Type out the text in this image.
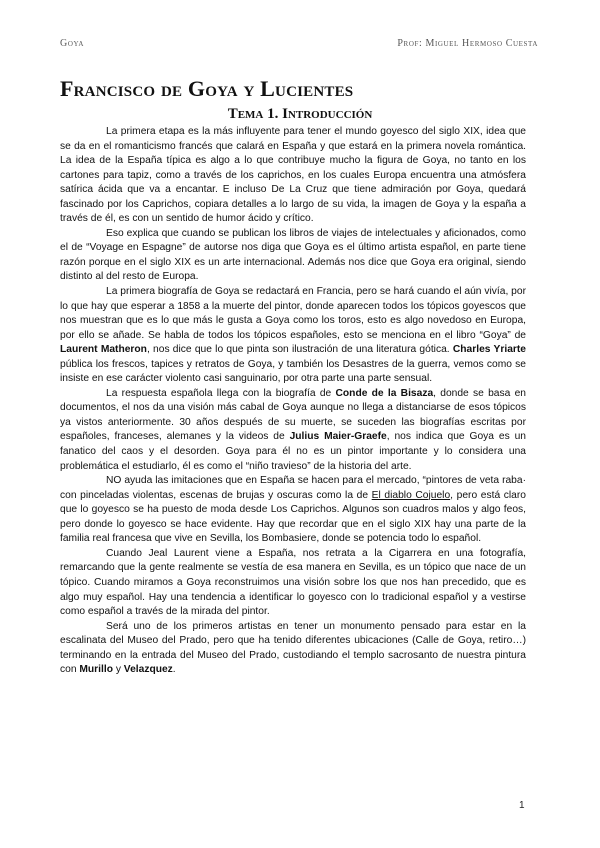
Goya	Prof: Miguel Hermoso Cuesta
Francisco de Goya y Lucientes
Tema 1. Introducción

La primera etapa es la más influyente para tener el mundo goyesco del siglo XIX, idea que se da en el romanticismo francés que calará en España y que estará en la primera novela romántica. La idea de la España típica es algo a lo que contribuye mucho la figura de Goya, no tanto en los cartones para tapiz, como a través de los caprichos, en los cuales Europa encuentra una atmósfera satírica ácida que va a encantar. E incluso De La Cruz que tiene admiración por Goya, quedará fascinado por los Caprichos, copiara detalles a lo largo de su vida, la imagen de Goya y la españa a través de él, es con un sentido de humor ácido y crítico.

Eso explica que cuando se publican los libros de viajes de intelectuales y aficionados, como el de “Voyage en Espagne” de autorse nos diga que Goya es el último artista español, en parte tiene razón porque en el siglo XIX es un arte internacional. Además nos dice que Goya era original, siendo distinto al del resto de Europa.

La primera biografía de Goya se redactará en Francia, pero se hará cuando el aún vivía, por lo que hay que esperar a 1858 a la muerte del pintor, donde aparecen todos los tópicos goyescos que nos muestran que es lo que más le gusta a Goya como los toros, esto es algo novedoso en Europa, por ello se añade. Se habla de todos los tópicos españoles, esto se menciona en el libro “Goya” de Laurent Matheron, nos dice que lo que pinta son ilustración de una literatura gótica. Charles Yriarte pública los frescos, tapices y retratos de Goya, y también los Desastres de la guerra, vemos como se insiste en ese carácter violento casi sanguinario, por otra parte una parte sensual.

La respuesta española llega con la biografía de Conde de la Bisaza, donde se basa en documentos, el nos da una visión más cabal de Goya aunque no llega a distanciarse de esos tópicos ya vistos anteriormente. 30 años después de su muerte, se suceden las biografías escritas por españoles, franceses, alemanes y la videos de Julius Maier-Graefe, nos indica que Goya es un fanatico del caos y el desorden. Goya para él no es un pintor importante y lo considera una problemática el estudiarlo, él es como el “niño travieso” de la historia del arte.

NO ayuda las imitaciones que en España se hacen para el mercado, “pintores de veta raba· con pinceladas violentas, escenas de brujas y oscuras como la de El diablo Cojuelo, pero está claro que lo goyesco se ha puesto de moda desde Los Caprichos. Algunos son cuadros malos y algo feos, pero donde lo goyesco se hace evidente. Hay que recordar que en el siglo XIX hay una parte de la familia real francesa que vive en Sevilla, los Bombasiere, donde se potencia todo lo español.

Cuando Jeal Laurent viene a España, nos retrata a la Cigarrera en una fotografía, remarcando que la gente realmente se vestía de esa manera en Sevilla, es un tópico que nace de un tópico. Cuando miramos a Goya reconstruimos una visión sobre los que nos han precedido, que es algo muy español. Hay una tendencia a identificar lo goyesco con lo tradicional español y a vestirse como español a través de la mirada del pintor.

Será uno de los primeros artistas en tener un monumento pensado para estar en la escalinata del Museo del Prado, pero que ha tenido diferentes ubicaciones (Calle de Goya, retiro…) terminando en la entrada del Museo del Prado, custodiando el templo sacrosanto de nuestra pintura con Murillo y Velazquez.

1
